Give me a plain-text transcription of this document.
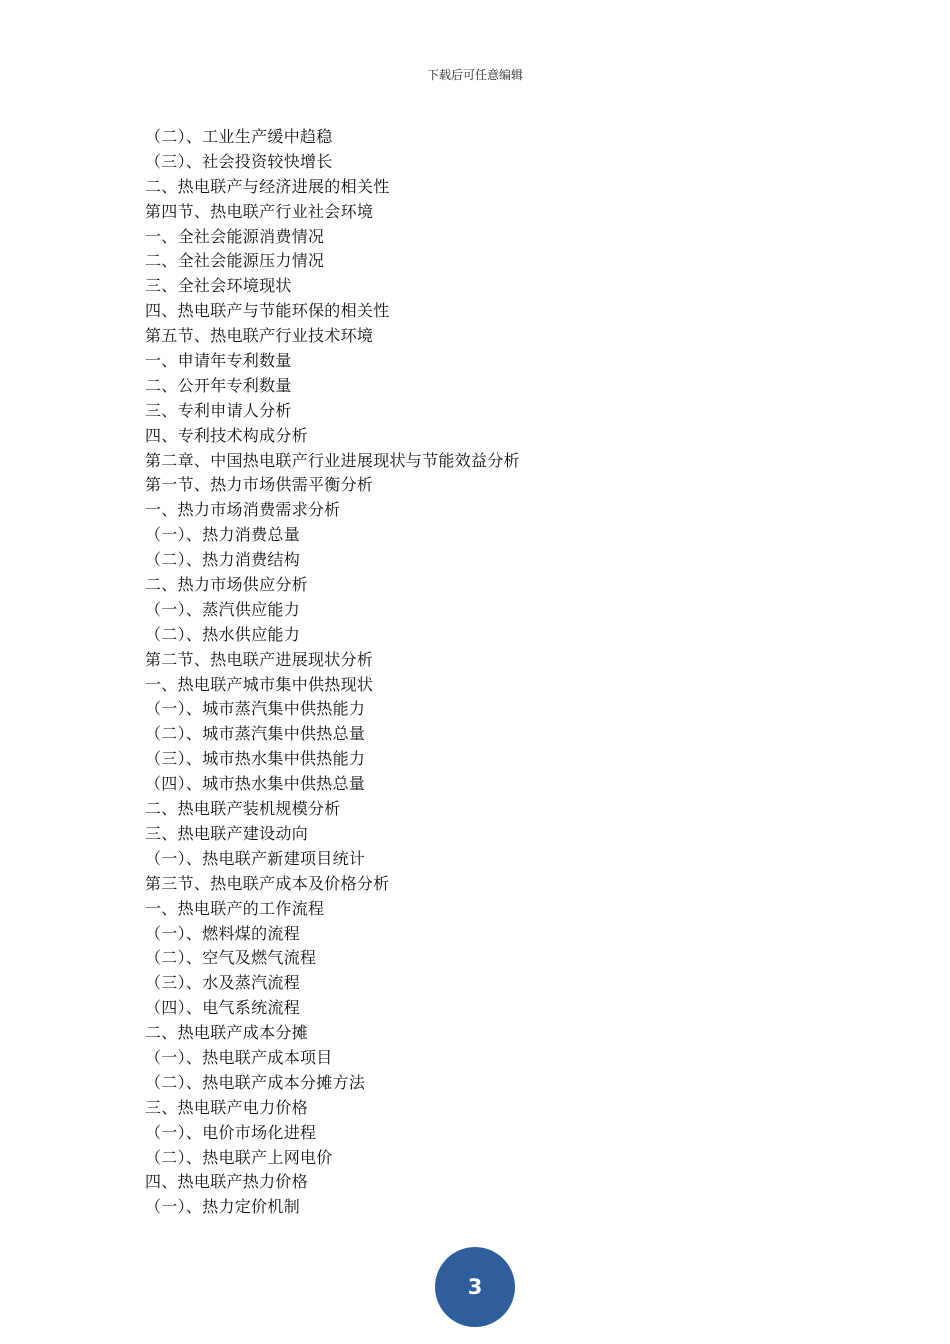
下载后可任意编辑
（二）、工业生产缓中趋稳
（三）、社会投资较快增长
二、热电联产与经济进展的相关性
第四节、热电联产行业社会环境
一、全社会能源消费情况
二、全社会能源压力情况
三、全社会环境现状
四、热电联产与节能环保的相关性
第五节、热电联产行业技术环境
一、申请年专利数量
二、公开年专利数量
三、专利申请人分析
四、专利技术构成分析
第二章、中国热电联产行业进展现状与节能效益分析
第一节、热力市场供需平衡分析
一、热力市场消费需求分析
（一）、热力消费总量
（二）、热力消费结构
二、热力市场供应分析
（一）、蒸汽供应能力
（二）、热水供应能力
第二节、热电联产进展现状分析
一、热电联产城市集中供热现状
（一）、城市蒸汽集中供热能力
（二）、城市蒸汽集中供热总量
（三）、城市热水集中供热能力
（四）、城市热水集中供热总量
二、热电联产装机规模分析
三、热电联产建设动向
（一）、热电联产新建项目统计
第三节、热电联产成本及价格分析
一、热电联产的工作流程
（一）、燃料煤的流程
（二）、空气及燃气流程
（三）、水及蒸汽流程
（四）、电气系统流程
二、热电联产成本分摊
（一）、热电联产成本项目
（二）、热电联产成本分摊方法
三、热电联产电力价格
（一）、电价市场化进程
（二）、热电联产上网电价
四、热电联产热力价格
（一）、热力定价机制
3
